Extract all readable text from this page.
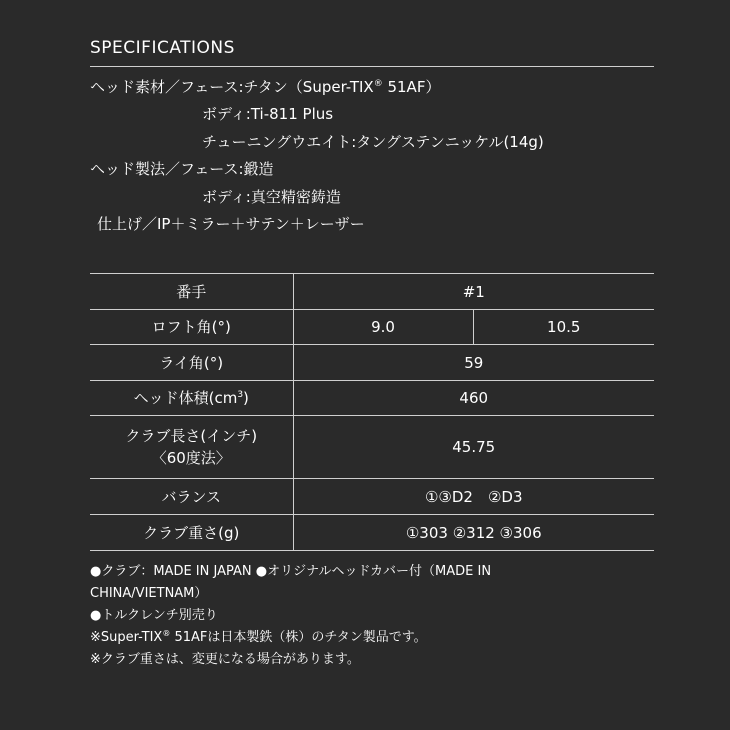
SPECIFICATIONS
ヘッド素材／フェース:チタン（Super-TIX® 51AF）
ボディ:Ti-811 Plus
チューニングウエイト:タングステンニッケル(14g)
ヘッド製法／フェース:鍛造
ボディ:真空精密鋳造
仕上げ／IP＋ミラー＋サテン＋レーザー
番手	#1	
ロフト角(°)	9.0	10.5
ライ角(°)	59	
ヘッド体積$(cm^3)$	460	

クラブ長さ(インチ)
〈60度法〉	45.75	
バランス	①③D2　②D3	
クラブ重さ(g)	①303 ②312 ③306	
●クラブ：MADE IN JAPAN ●オリジナルヘッドカバー付（MADE IN
CHINA/VIETNAM）
●トルクレンチ別売り
※Super-TIX® 51AFは日本製鉄（株）のチタン製品です。
※クラブ重さは、変更になる場合があります。
